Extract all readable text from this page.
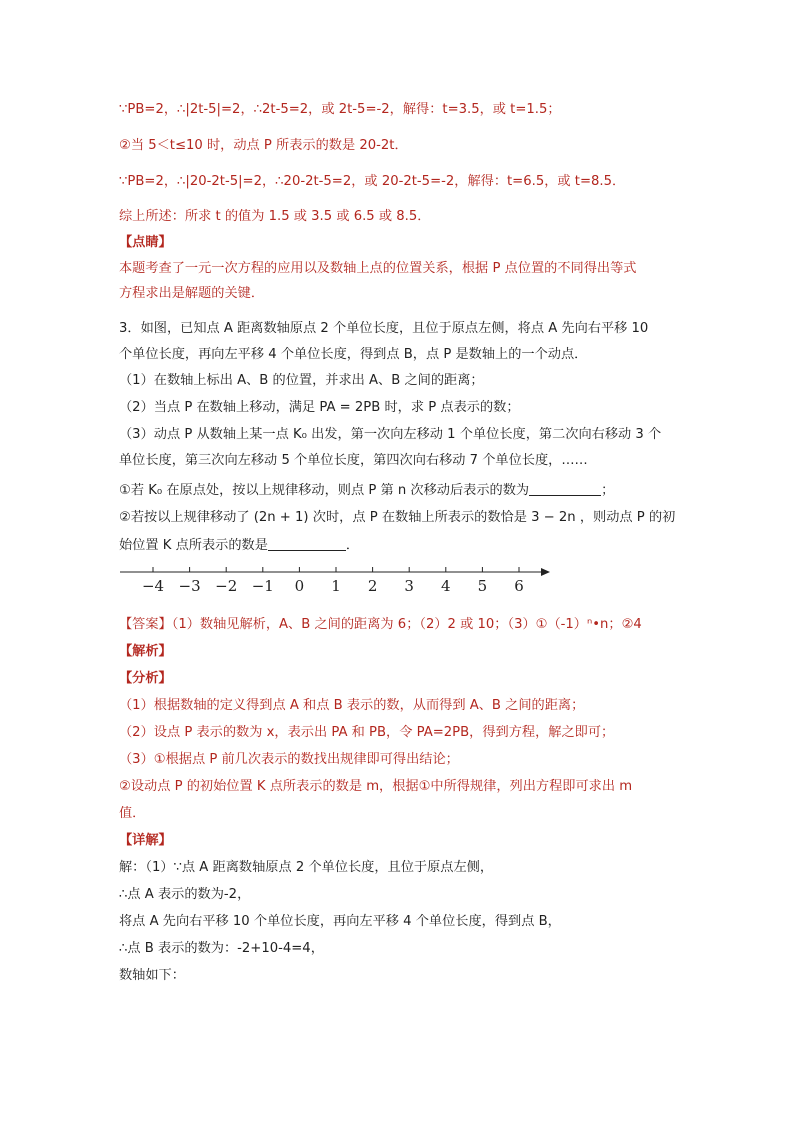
∵PB=2，∴|2t-5|=2，∴2t-5=2，或 2t-5=-2，解得：t=3.5，或 t=1.5；
②当 5＜t≤10 时，动点 P 所表示的数是 20-2t．
∵PB=2，∴|20-2t-5|=2，∴20-2t-5=2，或 20-2t-5=-2，解得：t=6.5，或 t=8.5．
综上所述：所求 t 的值为 1.5 或 3.5 或 6.5 或 8.5．
【点睛】
本题考查了一元一次方程的应用以及数轴上点的位置关系，根据 P 点位置的不同得出等式
方程求出是解题的关键．
3．如图，已知点 A 距离数轴原点 2 个单位长度，且位于原点左侧，将点 A 先向右平移 10
个单位长度，再向左平移 4 个单位长度，得到点 B，点 P 是数轴上的一个动点．
（1）在数轴上标出 A、B 的位置，并求出 A、B 之间的距离；
（2）当点 P 在数轴上移动，满足 PA = 2PB 时，求 P 点表示的数；
（3）动点 P 从数轴上某一点 K₀ 出发，第一次向左移动 1 个单位长度，第二次向右移动 3 个
单位长度，第三次向左移动 5 个单位长度，第四次向右移动 7 个单位长度，……
①若 K₀ 在原点处，按以上规律移动，则点 P 第 n 次移动后表示的数为	；
②若按以上规律移动了 (2n + 1) 次时，点 P 在数轴上所表示的数恰是 3 − 2n ，则动点 P 的初
始位置 K 点所表示的数是	．
−4 −3 −2 −1 0 1 2 3 4 5 6
【答案】（1）数轴见解析，A、B 之间的距离为 6；（2）2 或 10；（3）①（-1）ⁿ•n；②4
【解析】
【分析】
（1）根据数轴的定义得到点 A 和点 B 表示的数，从而得到 A、B 之间的距离；
（2）设点 P 表示的数为 x，表示出 PA 和 PB，令 PA=2PB，得到方程，解之即可；
（3）①根据点 P 前几次表示的数找出规律即可得出结论；
②设动点 P 的初始位置 K 点所表示的数是 m，根据①中所得规律，列出方程即可求出 m
值．
【详解】
解：（1）∵点 A 距离数轴原点 2 个单位长度，且位于原点左侧，
∴点 A 表示的数为-2，
将点 A 先向右平移 10 个单位长度，再向左平移 4 个单位长度，得到点 B，
∴点 B 表示的数为：-2+10-4=4，
数轴如下：
